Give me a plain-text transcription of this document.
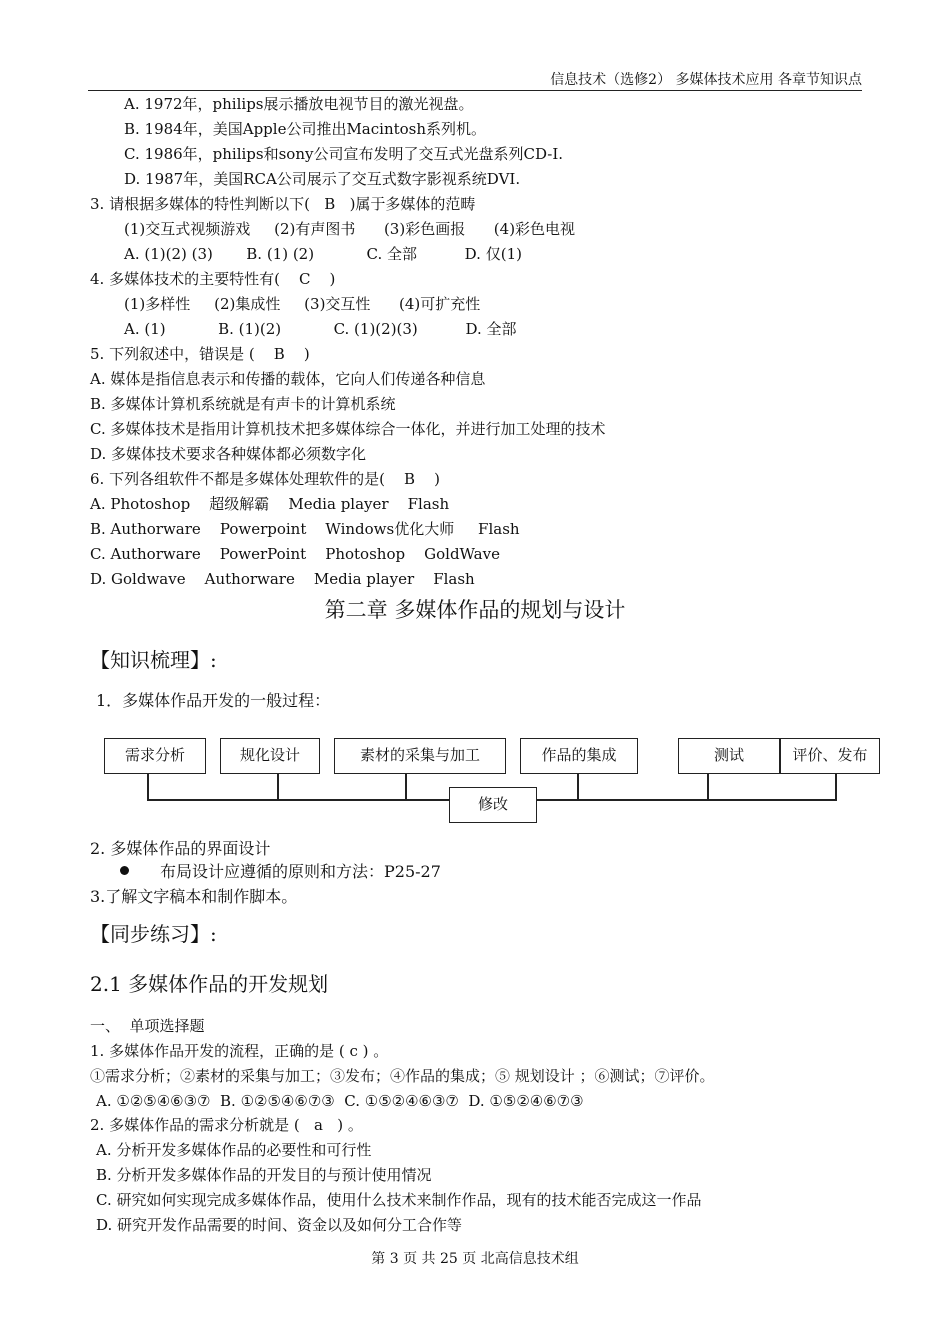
信息技术（选修2） 多媒体技术应用 各章节知识点
A. 1972年，philips展示播放电视节目的激光视盘。
B. 1984年，美国Apple公司推出Macintosh系列机。
C. 1986年，philips和sony公司宣布发明了交互式光盘系列CD-I.
D. 1987年，美国RCA公司展示了交互式数字影视系统DVI.
3. 请根据多媒体的特性判断以下(   B   )属于多媒体的范畴
(1)交互式视频游戏     (2)有声图书      (3)彩色画报      (4)彩色电视
A. (1)(2) (3)       B. (1) (2)           C. 全部          D. 仅(1)
4. 多媒体技术的主要特性有(    C    )
(1)多样性     (2)集成性     (3)交互性      (4)可扩充性
A. (1)           B. (1)(2)           C. (1)(2)(3)          D. 全部
5. 下列叙述中，错误是 (    B    )
A. 媒体是指信息表示和传播的载体，它向人们传递各种信息
B. 多媒体计算机系统就是有声卡的计算机系统
C. 多媒体技术是指用计算机技术把多媒体综合一体化，并进行加工处理的技术
D. 多媒体技术要求各种媒体都必须数字化
6. 下列各组软件不都是多媒体处理软件的是(    B    )
A. Photoshop    超级解霸    Media player    Flash
B. Authorware    Powerpoint    Windows优化大师     Flash
C. Authorware    PowerPoint    Photoshop    GoldWave
D. Goldwave    Authorware    Media player    Flash
第二章 多媒体作品的规划与设计
【知识梳理】:
1．多媒体作品开发的一般过程：
需求分析	规化设计	素材的采集与加工	作品的集成	测试	评价、发布
修改
2. 多媒体作品的界面设计
布局设计应遵循的原则和方法：P25-27
3.了解文字稿本和制作脚本。
【同步练习】:
2.1 多媒体作品的开发规划
一、  单项选择题
1. 多媒体作品开发的流程，正确的是 ( c ) 。
①需求分析；②素材的采集与加工；③发布；④作品的集成；⑤ 规划设计 ；⑥测试；⑦评价。
A. ①②⑤④⑥③⑦  B. ①②⑤④⑥⑦③  C. ①⑤②④⑥③⑦  D. ①⑤②④⑥⑦③
2. 多媒体作品的需求分析就是 (   a   ) 。
A. 分析开发多媒体作品的必要性和可行性
B. 分析开发多媒体作品的开发目的与预计使用情况
C. 研究如何实现完成多媒体作品，使用什么技术来制作作品，现有的技术能否完成这一作品
D. 研究开发作品需要的时间、资金以及如何分工合作等
第 3 页 共 25 页 北高信息技术组
